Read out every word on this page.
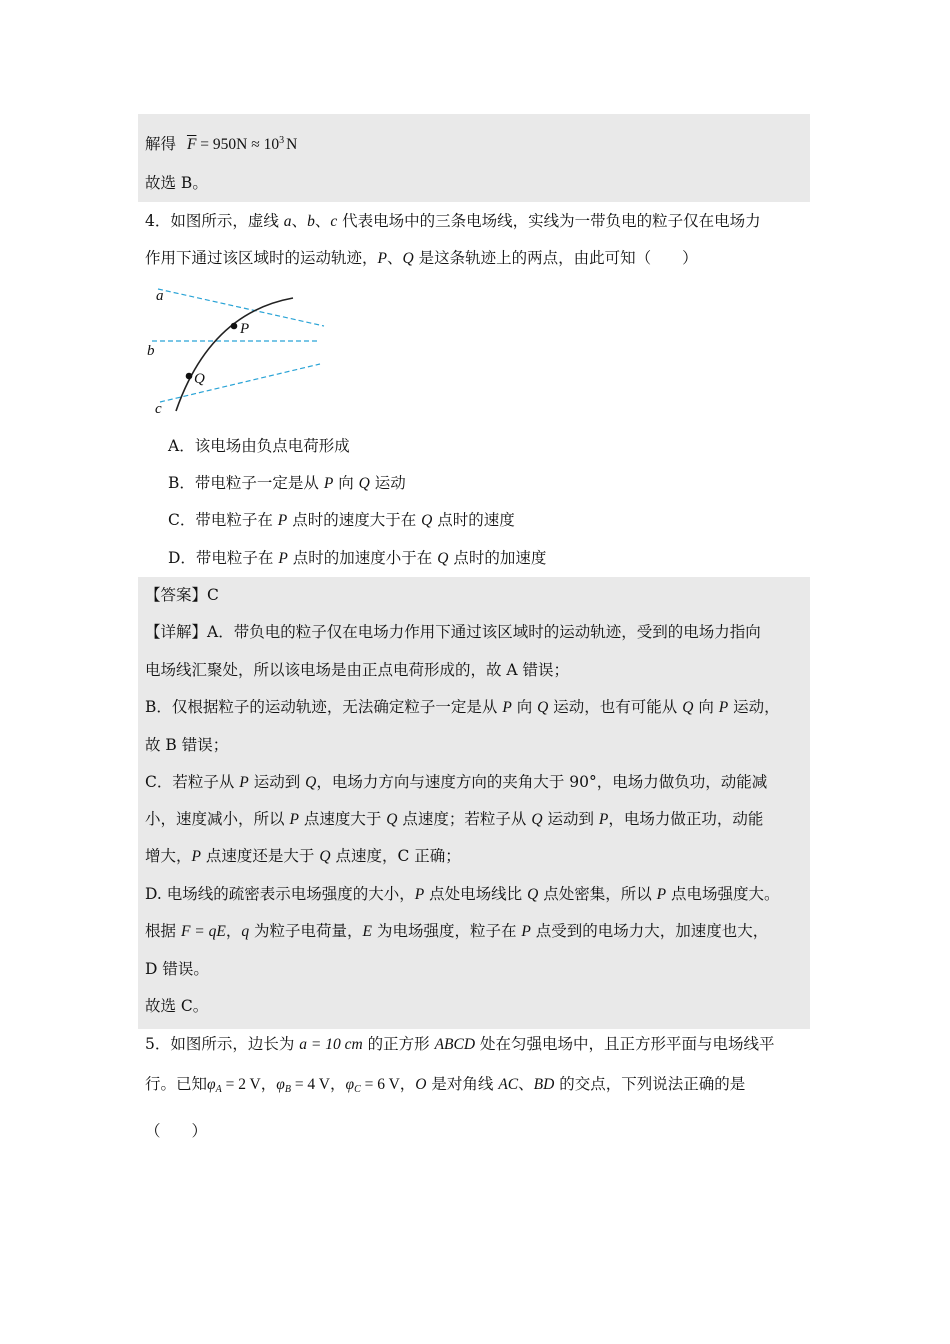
解得 $\overline{F} = 950N \approx 10^3$ N
故选 B。
4．如图所示，虚线 a、b、c 代表电场中的三条电场线，实线为一带负电的粒子仅在电场力
作用下通过该区域时的运动轨迹，P、Q 是这条轨迹上的两点，由此可知（　　）
a
b
c
P
Q
A．该电场由负点电荷形成
B．带电粒子一定是从 P 向 Q 运动
C．带电粒子在 P 点时的速度大于在 Q 点时的速度
D．带电粒子在 P 点时的加速度小于在 Q 点时的加速度
【答案】C
【详解】A．带负电的粒子仅在电场力作用下通过该区域时的运动轨迹，受到的电场力指向
电场线汇聚处，所以该电场是由正点电荷形成的，故 A 错误；
B．仅根据粒子的运动轨迹，无法确定粒子一定是从 P 向 Q 运动，也有可能从 Q 向 P 运动，
故 B 错误；
C．若粒子从 P 运动到 Q，电场力方向与速度方向的夹角大于 90°，电场力做负功，动能减
小，速度减小，所以 P 点速度大于 Q 点速度；若粒子从 Q 运动到 P，电场力做正功，动能
增大，P 点速度还是大于 Q 点速度，C 正确；
D. 电场线的疏密表示电场强度的大小，P 点处电场线比 Q 点处密集，所以 P 点电场强度大。
根据 F = qE，q 为粒子电荷量，E 为电场强度，粒子在 P 点受到的电场力大，加速度也大，
D 错误。
故选 C。
5．如图所示，边长为 a = 10 cm 的正方形 ABCD 处在匀强电场中，且正方形平面与电场线平
行。已知$\varphi_A = 2$ V，$\varphi_B = 4$ V，$\varphi_C = 6$ V，O 是对角线 AC、BD 的交点，下列说法正确的是
（　　）
